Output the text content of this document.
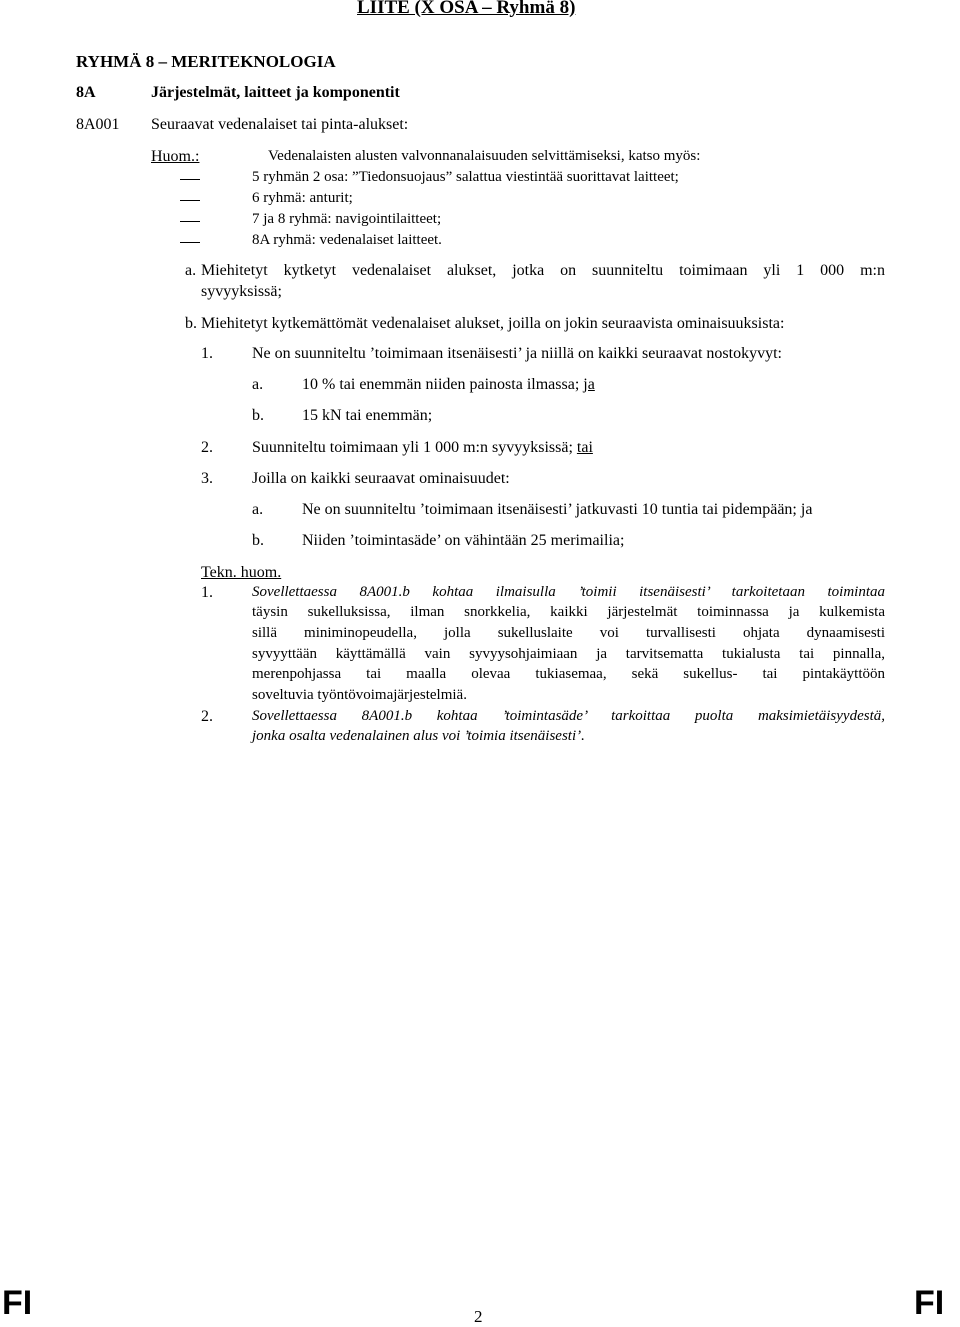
LIITE (X OSA – Ryhmä 8)
RYHMÄ 8 – MERITEKNOLOGIA
8A	Järjestelmät, laitteet ja komponentit
8A001 Seuraavat vedenalaiset tai pinta-alukset:
Huom.:	Vedenalaisten alusten valvonnanalaisuuden selvittämiseksi, katso myös:
5 ryhmän 2 osa: ”Tiedonsuojaus” salattua viestintää suorittavat laitteet;
6 ryhmä: anturit;
7 ja 8 ryhmä: navigointilaitteet;
8A ryhmä: vedenalaiset laitteet.
a. Miehitetyt kytketyt vedenalaiset alukset, jotka on suunniteltu toimimaan yli 1 000 m:n
syvyyksissä;
b. Miehitetyt kytkemättömät vedenalaiset alukset, joilla on jokin seuraavista ominaisuuksista:
1. Ne on suunniteltu ’toimimaan itsenäisesti’ ja niillä on kaikki seuraavat nostokyvyt:
a. 10 % tai enemmän niiden painosta ilmassa; ja
b. 15 kN tai enemmän;
2. Suunniteltu toimimaan yli 1 000 m:n syvyyksissä; tai
3. Joilla on kaikki seuraavat ominaisuudet:
a. Ne on suunniteltu ’toimimaan itsenäisesti’ jatkuvasti 10 tuntia tai pidempään; ja
b. Niiden ’toimintasäde’ on vähintään 25 merimailia;
Tekn. huom.
1.	Sovellettaessa 8A001.b kohtaa ilmaisulla ’toimii itsenäisesti’ tarkoitetaan toimintaa
täysin sukelluksissa, ilman snorkkelia, kaikki järjestelmät toiminnassa ja kulkemista
sillä miniminopeudella, jolla sukelluslaite voi turvallisesti ohjata dynaamisesti
syvyyttään käyttämällä vain syvyysohjaimiaan ja tarvitsematta tukialusta tai pinnalla,
merenpohjassa tai maalla olevaa tukiasemaa, sekä sukellus- tai pintakäyttöön
soveltuvia työntövoimajärjestelmiä.
2.	Sovellettaessa 8A001.b kohtaa ’toimintasäde’ tarkoittaa puolta maksimietäisyydestä,
jonka osalta vedenalainen alus voi ’toimia itsenäisesti’.
FI	2	FI
